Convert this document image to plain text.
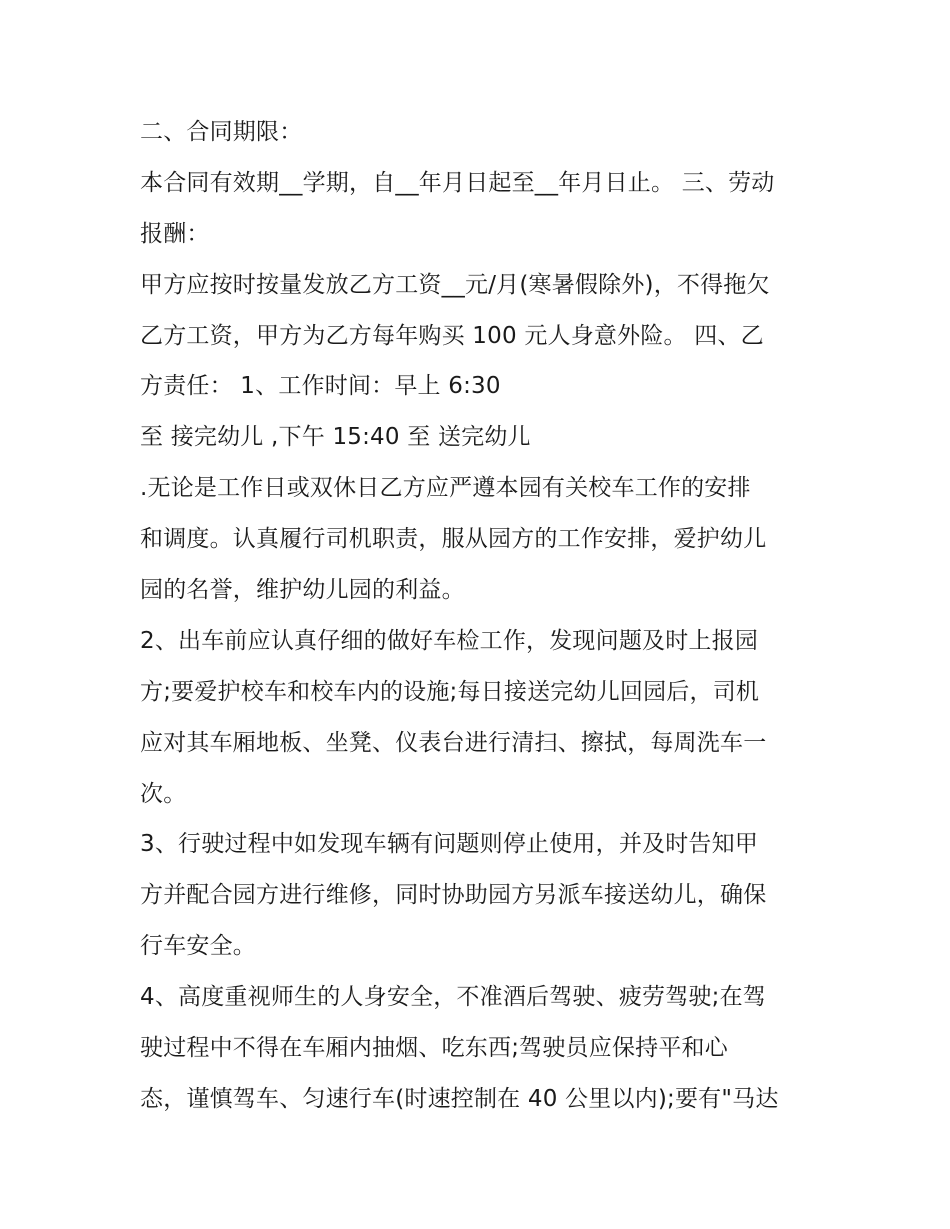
二、合同期限：
本合同有效期__学期，自__年月日起至__年月日止。 三、劳动
报酬：
甲方应按时按量发放乙方工资__元/月(寒暑假除外)，不得拖欠
乙方工资，甲方为乙方每年购买 100 元人身意外险。 四、乙
方责任： 1、工作时间：早上 6:30
至 接完幼儿 ,下午 15:40 至 送完幼儿
.无论是工作日或双休日乙方应严遵本园有关校车工作的安排
和调度。认真履行司机职责，服从园方的工作安排，爱护幼儿
园的名誉，维护幼儿园的利益。
2、出车前应认真仔细的做好车检工作，发现问题及时上报园
方;要爱护校车和校车内的设施;每日接送完幼儿回园后，司机
应对其车厢地板、坐凳、仪表台进行清扫、擦拭，每周洗车一
次。
3、行驶过程中如发现车辆有问题则停止使用，并及时告知甲
方并配合园方进行维修，同时协助园方另派车接送幼儿，确保
行车安全。
4、高度重视师生的人身安全，不准酒后驾驶、疲劳驾驶;在驾
驶过程中不得在车厢内抽烟、吃东西;驾驶员应保持平和心
态，谨慎驾车、匀速行车(时速控制在 40 公里以内);要有"马达
